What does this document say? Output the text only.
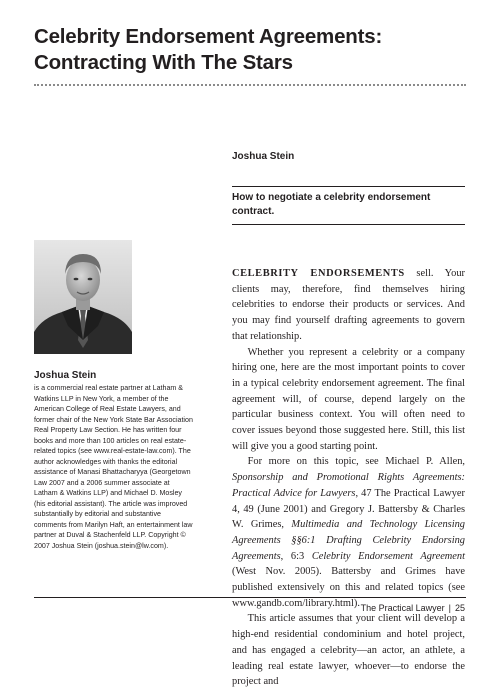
Celebrity Endorsement Agreements: Contracting With The Stars
Joshua Stein
How to negotiate a celebrity endorsement contract.
Joshua Stein
is a commercial real estate partner at Latham & Watkins LLP in New York, a member of the American College of Real Estate Lawyers, and former chair of the New York State Bar Association Real Property Law Section. He has written four books and more than 100 articles on real estate-related topics (see www.real-estate-law.com). The author acknowledges with thanks the editorial assistance of Manasi Bhattacharyya (Georgetown Law 2007 and a 2006 summer associate at Latham & Watkins LLP) and Michael D. Mosley (his editorial assistant). The article was improved substantially by editorial and substantive comments from Marilyn Haft, an entertainment law partner at Duval & Stachenfeld LLP. Copyright © 2007 Joshua Stein (joshua.stein@lw.com).

CELEBRITY ENDORSEMENTS sell. Your clients may, therefore, find themselves hiring celebrities to endorse their products or services. And you may find yourself drafting agreements to govern that relationship.

Whether you represent a celebrity or a company hiring one, here are the most important points to cover in a typical celebrity endorsement agreement. The final agreement will, of course, depend largely on the particular business context. You will often need to cover issues beyond those suggested here. Still, this list will give you a good starting point.

For more on this topic, see Michael P. Allen, Sponsorship and Promotional Rights Agreements: Practical Advice for Lawyers, 47 The Practical Lawyer 4, 49 (June 2001) and Gregory J. Battersby & Charles W. Grimes, Multimedia and Technology Licensing Agreements §§6:1 Drafting Celebrity Endorsing Agreements, 6:3 Celebrity Endorsement Agreement (West Nov. 2005). Battersby and Grimes have published extensively on this and related topics (see www.gandb.com/library.html).

This article assumes that your client will develop a high-end residential condominium and hotel project, and has engaged a celebrity—an actor, an athlete, a leading real estate lawyer, whoever—to endorse the project and

The Practical Lawyer | 25
